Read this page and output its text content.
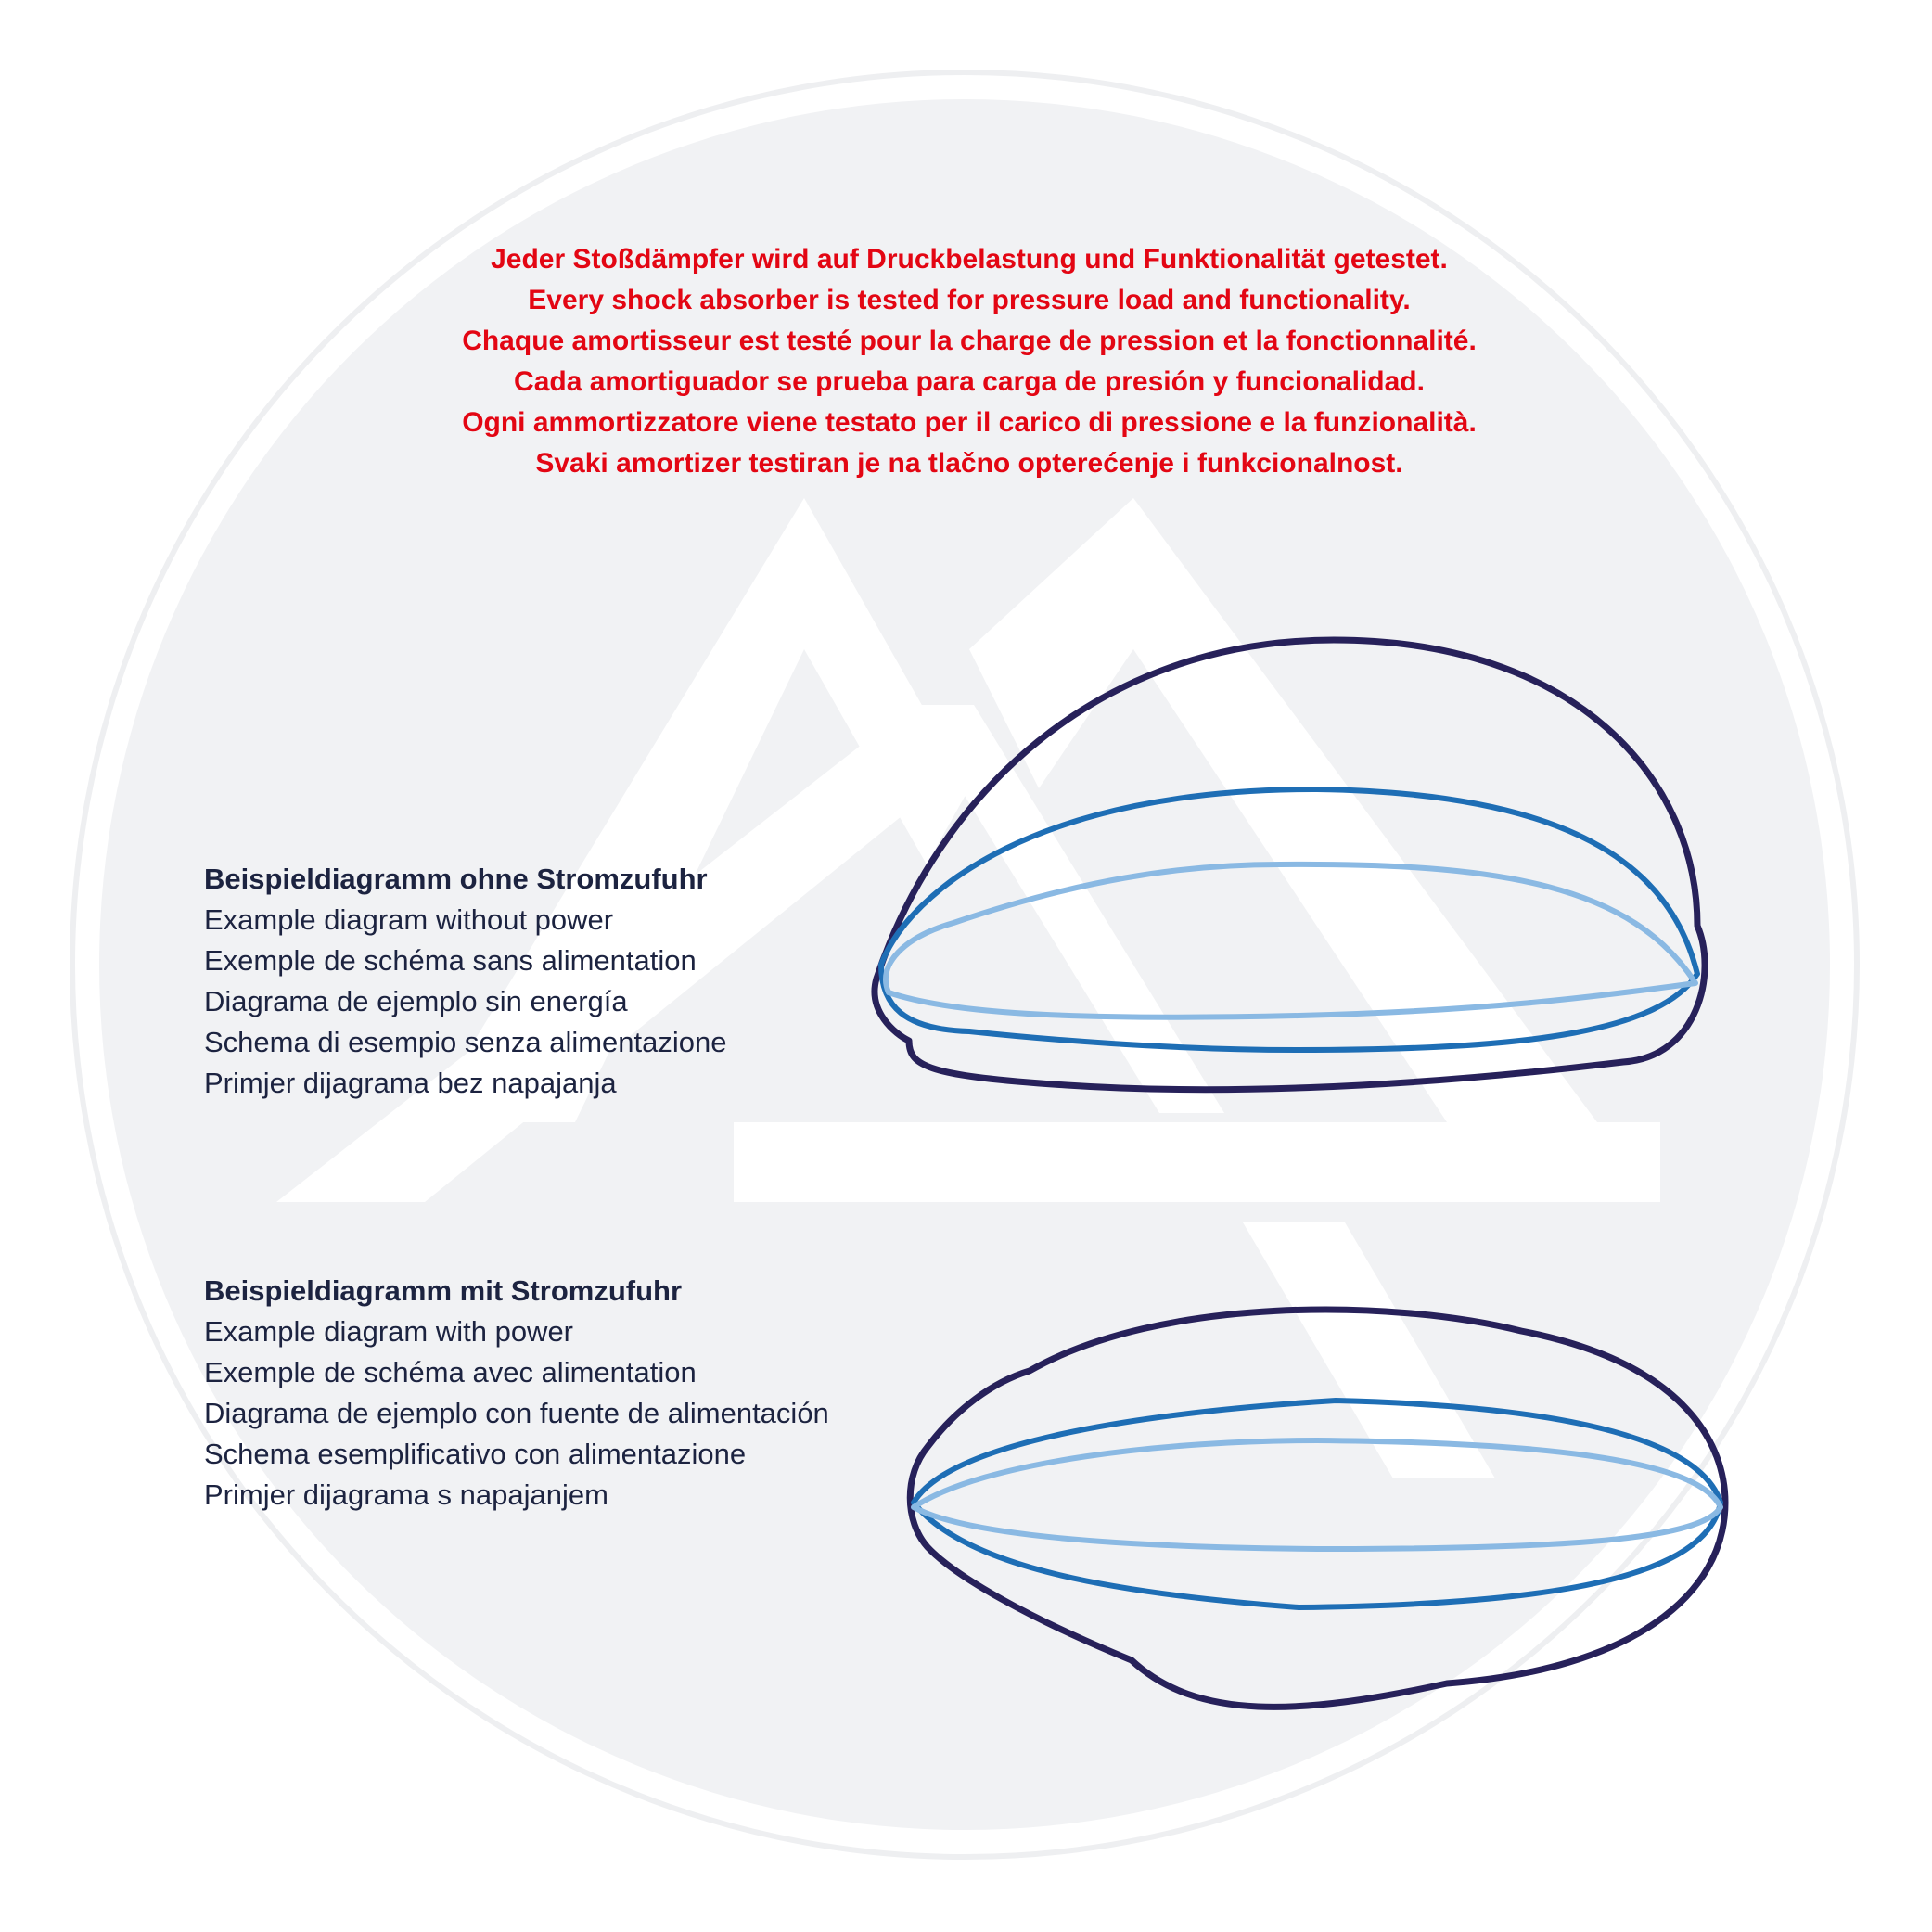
Jeder Stoßdämpfer wird auf Druckbelastung und Funktionalität getestet.
Every shock absorber is tested for pressure load and functionality.
Chaque amortisseur est testé pour la charge de pression et la fonctionnalité.
Cada amortiguador se prueba para carga de presión y funcionalidad.
Ogni ammortizzatore viene testato per il carico di pressione e la funzionalità.
Svaki amortizer testiran je na tlačno opterećenje i funkcionalnost.
Beispieldiagramm ohne Stromzufuhr
Example diagram without power
Exemple de schéma sans alimentation
Diagrama de ejemplo sin energía
Schema di esempio senza alimentazione
Primjer dijagrama bez napajanja
Beispieldiagramm mit Stromzufuhr
Example diagram with power
Exemple de schéma avec alimentation
Diagrama de ejemplo con fuente de alimentación
Schema esemplificativo con alimentazione
Primjer dijagrama s napajanjem
